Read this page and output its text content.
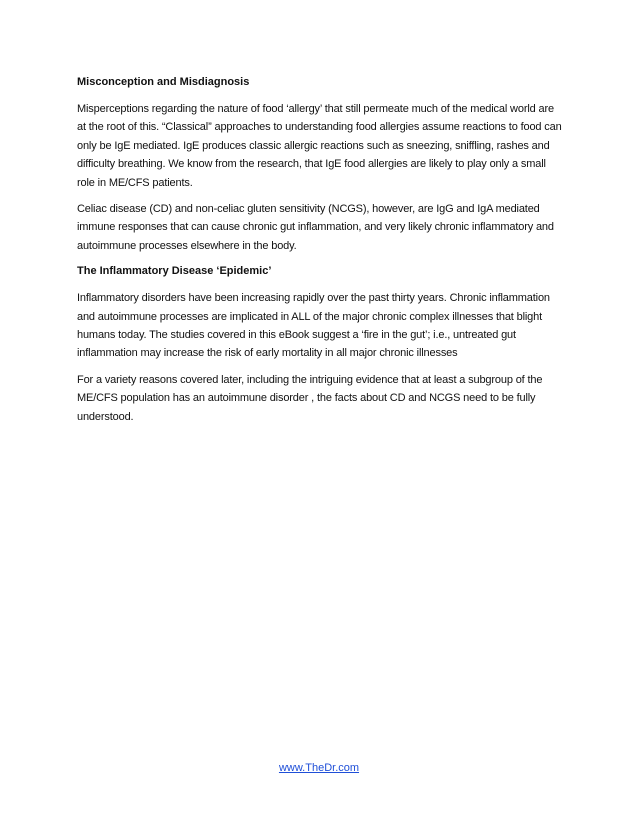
Misconception and Misdiagnosis

Misperceptions regarding the nature of food ‘allergy’ that still permeate much of the medical world are at the root of this. “Classical” approaches to understanding food allergies assume reactions to food can only be IgE mediated. IgE produces classic allergic reactions such as sneezing, sniffling, rashes and difficulty breathing. We know from the research, that IgE food allergies are likely to play only a small role in ME/CFS patients.

Celiac disease (CD) and non-celiac gluten sensitivity (NCGS), however, are IgG and IgA mediated immune responses that can cause chronic gut inflammation, and very likely chronic inflammatory and autoimmune processes elsewhere in the body.

The Inflammatory Disease ‘Epidemic’

Inflammatory disorders have been increasing rapidly over the past thirty years. Chronic inflammation and autoimmune processes are implicated in ALL of the major chronic complex illnesses that blight humans today. The studies covered in this eBook suggest a ‘fire in the gut’; i.e., untreated gut inflammation may increase the risk of early mortality in all major chronic illnesses

For a variety reasons covered later, including the intriguing evidence that at least a subgroup of the ME/CFS population has an autoimmune disorder , the facts about CD and NCGS need to be fully understood.

www.TheDr.com
